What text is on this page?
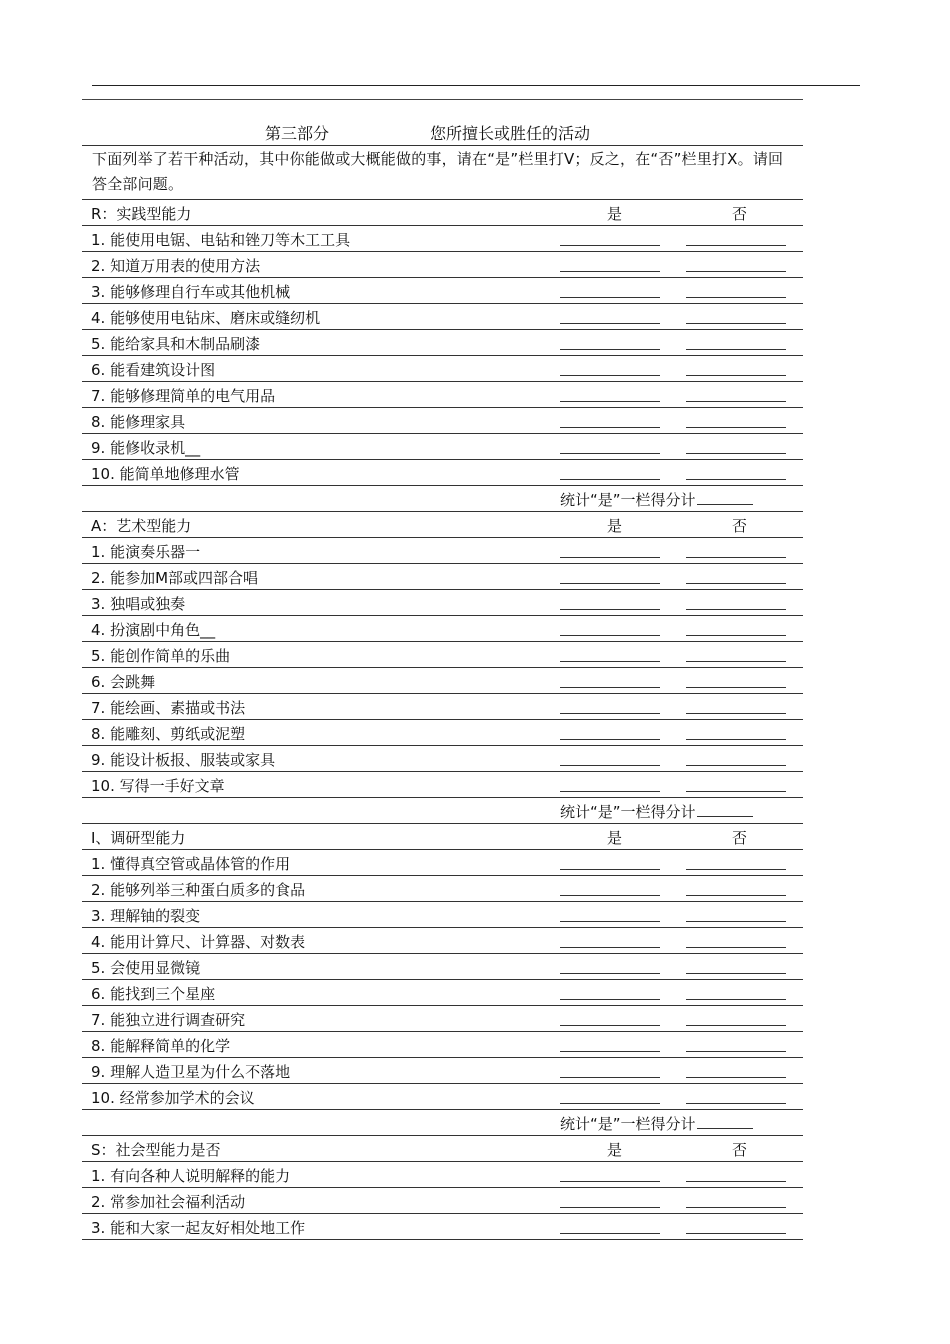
第三部分	您所擅长或胜任的活动
下面列举了若干种活动，其中你能做或大概能做的事，请在“是”栏里打V；反之，在“否”栏里打X。请回答全部问题。
R：实践型能力	是	否
1. 能使用电锯、电钻和锉刀等木工工具
2. 知道万用表的使用方法
3. 能够修理自行车或其他机械
4. 能够使用电钻床、磨床或缝纫机
5. 能给家具和木制品刷漆
6. 能看建筑设计图
7. 能够修理简单的电气用品
8. 能修理家具
9. 能修收录机__
10. 能简单地修理水管
统计“是”一栏得分计
A：艺术型能力	是	否
1. 能演奏乐器一
2. 能参加M部或四部合唱
3. 独唱或独奏
4. 扮演剧中角色__
5. 能创作简单的乐曲
6. 会跳舞
7. 能绘画、素描或书法
8. 能雕刻、剪纸或泥塑
9. 能设计板报、服装或家具
10. 写得一手好文章
统计“是”一栏得分计
I、调研型能力	是	否
1. 懂得真空管或晶体管的作用
2. 能够列举三种蛋白质多的食品
3. 理解铀的裂变
4. 能用计算尺、计算器、对数表
5. 会使用显微镜
6. 能找到三个星座
7. 能独立进行调查研究
8. 能解释简单的化学
9. 理解人造卫星为什么不落地
10. 经常参加学术的会议
统计“是”一栏得分计
S：社会型能力是否	是	否
1. 有向各种人说明解释的能力
2. 常参加社会福利活动
3. 能和大家一起友好相处地工作
